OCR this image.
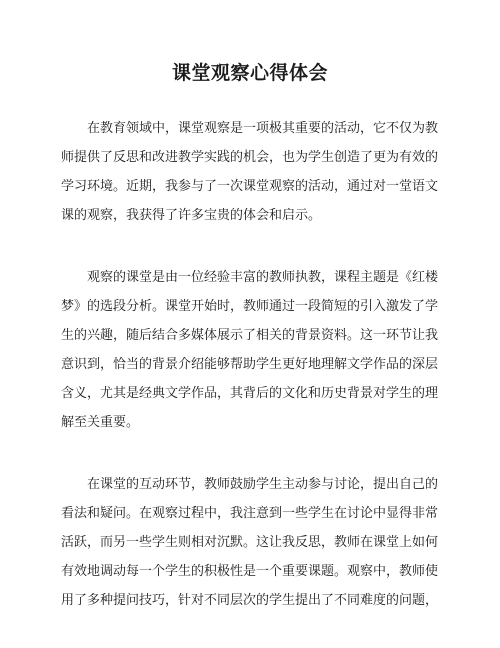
课堂观察心得体会

　　在教育领域中，课堂观察是一项极其重要的活动，它不仅为教
师提供了反思和改进教学实践的机会，也为学生创造了更为有效的
学习环境。近期，我参与了一次课堂观察的活动，通过对一堂语文
课的观察，我获得了许多宝贵的体会和启示。

　　观察的课堂是由一位经验丰富的教师执教，课程主题是《红楼
梦》的选段分析。课堂开始时，教师通过一段简短的引入激发了学
生的兴趣，随后结合多媒体展示了相关的背景资料。这一环节让我
意识到，恰当的背景介绍能够帮助学生更好地理解文学作品的深层
含义，尤其是经典文学作品，其背后的文化和历史背景对学生的理
解至关重要。

　　在课堂的互动环节，教师鼓励学生主动参与讨论，提出自己的
看法和疑问。在观察过程中，我注意到一些学生在讨论中显得非常
活跃，而另一些学生则相对沉默。这让我反思，教师在课堂上如何
有效地调动每一个学生的积极性是一个重要课题。观察中，教师使
用了多种提问技巧，针对不同层次的学生提出了不同难度的问题，
